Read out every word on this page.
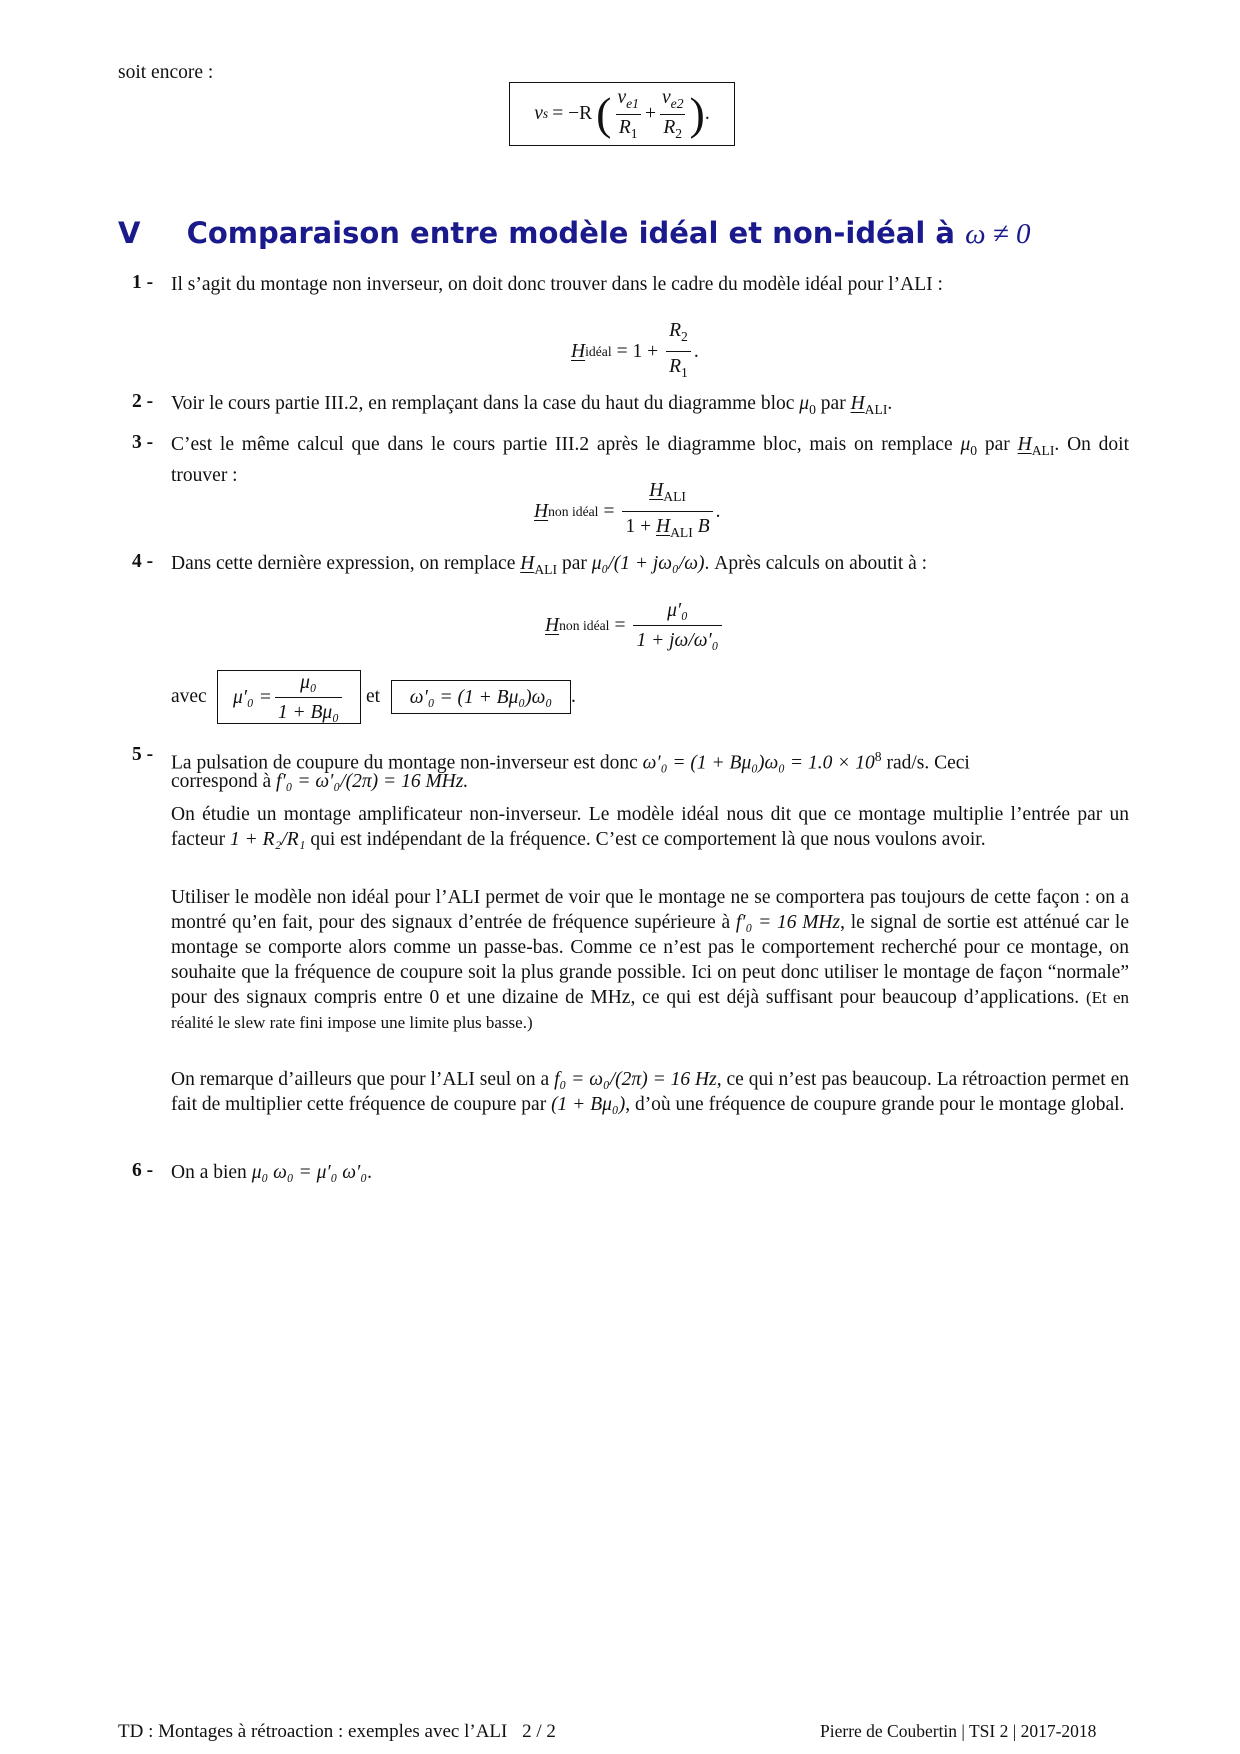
soit encore :
v s = −R ( $\frac{v_{e1}}{R_1} + \frac{v_{e2}}{R_2}$ ) .
V Comparaison entre modèle idéal et non-idéal à ω ≠ 0
1 - Il s’agit du montage non inverseur, on doit donc trouver dans le cadre du modèle idéal pour l’ALI :
H idéal = $1 + \frac{R_2}{R_1}$ .
2 - Voir le cours partie III.2, en remplaçant dans la case du haut du diagramme bloc $\mu_0$ par $H_{ALI}$.
3 - C’est le même calcul que dans le cours partie III.2 après le diagramme bloc, mais on remplace $\mu_0$ par $H_{ALI}$. On doit trouver :
H non idéal = $\frac{H_{ALI}}{1 + H_{ALI} B}$ .
4 - Dans cette dernière expression, on remplace $H_{ALI}$ par μ₀/(1 + jω₀/ω). Après calculs on aboutit à :
H non idéal = $\frac{\text{μ′₀}}{\text{1 + jω/ω′₀}}$
avec $\mu'_0 = \frac{\text{μ₀}}{\text{1 + Bμ₀}}$ et ω′₀ = (1 + Bμ₀)ω₀ .
5 - La pulsation de coupure du montage non-inverseur est donc $\omega'_0 = (1 + B\mu_0)\omega_0 = 1.0 \times 10^8$ rad/s. Ceci
correspond à f′₀ = ω′₀/(2π) = 16 MHz.
On étudie un montage amplificateur non-inverseur. Le modèle idéal nous dit que ce montage multiplie l’entrée par un facteur 1 + R₂/R₁ qui est indépendant de la fréquence. C’est ce comportement là que nous voulons avoir.
Utiliser le modèle non idéal pour l’ALI permet de voir que le montage ne se comportera pas toujours de cette façon : on a montré qu’en fait, pour des signaux d’entrée de fréquence supérieure à f′₀ = 16 MHz, le signal de sortie est atténué car le montage se comporte alors comme un passe-bas. Comme ce n’est pas le comportement recherché pour ce montage, on souhaite que la fréquence de coupure soit la plus grande possible. Ici on peut donc utiliser le montage de façon “normale” pour des signaux compris entre 0 et une dizaine de MHz, ce qui est déjà suffisant pour beaucoup d’applications. (Et en réalité le slew rate fini impose une limite plus basse.)
On remarque d’ailleurs que pour l’ALI seul on a f₀ = ω₀/(2π) = 16 Hz, ce qui n’est pas beaucoup. La rétroaction permet en fait de multiplier cette fréquence de coupure par (1 + Bμ₀), d’où une fréquence de coupure grande pour le montage global.
6 - On a bien μ₀ ω₀ = μ′₀ ω′₀.
TD : Montages à rétroaction : exemples avec l’ALI 2 / 2	Pierre de Coubertin | TSI 2 | 2017-2018
